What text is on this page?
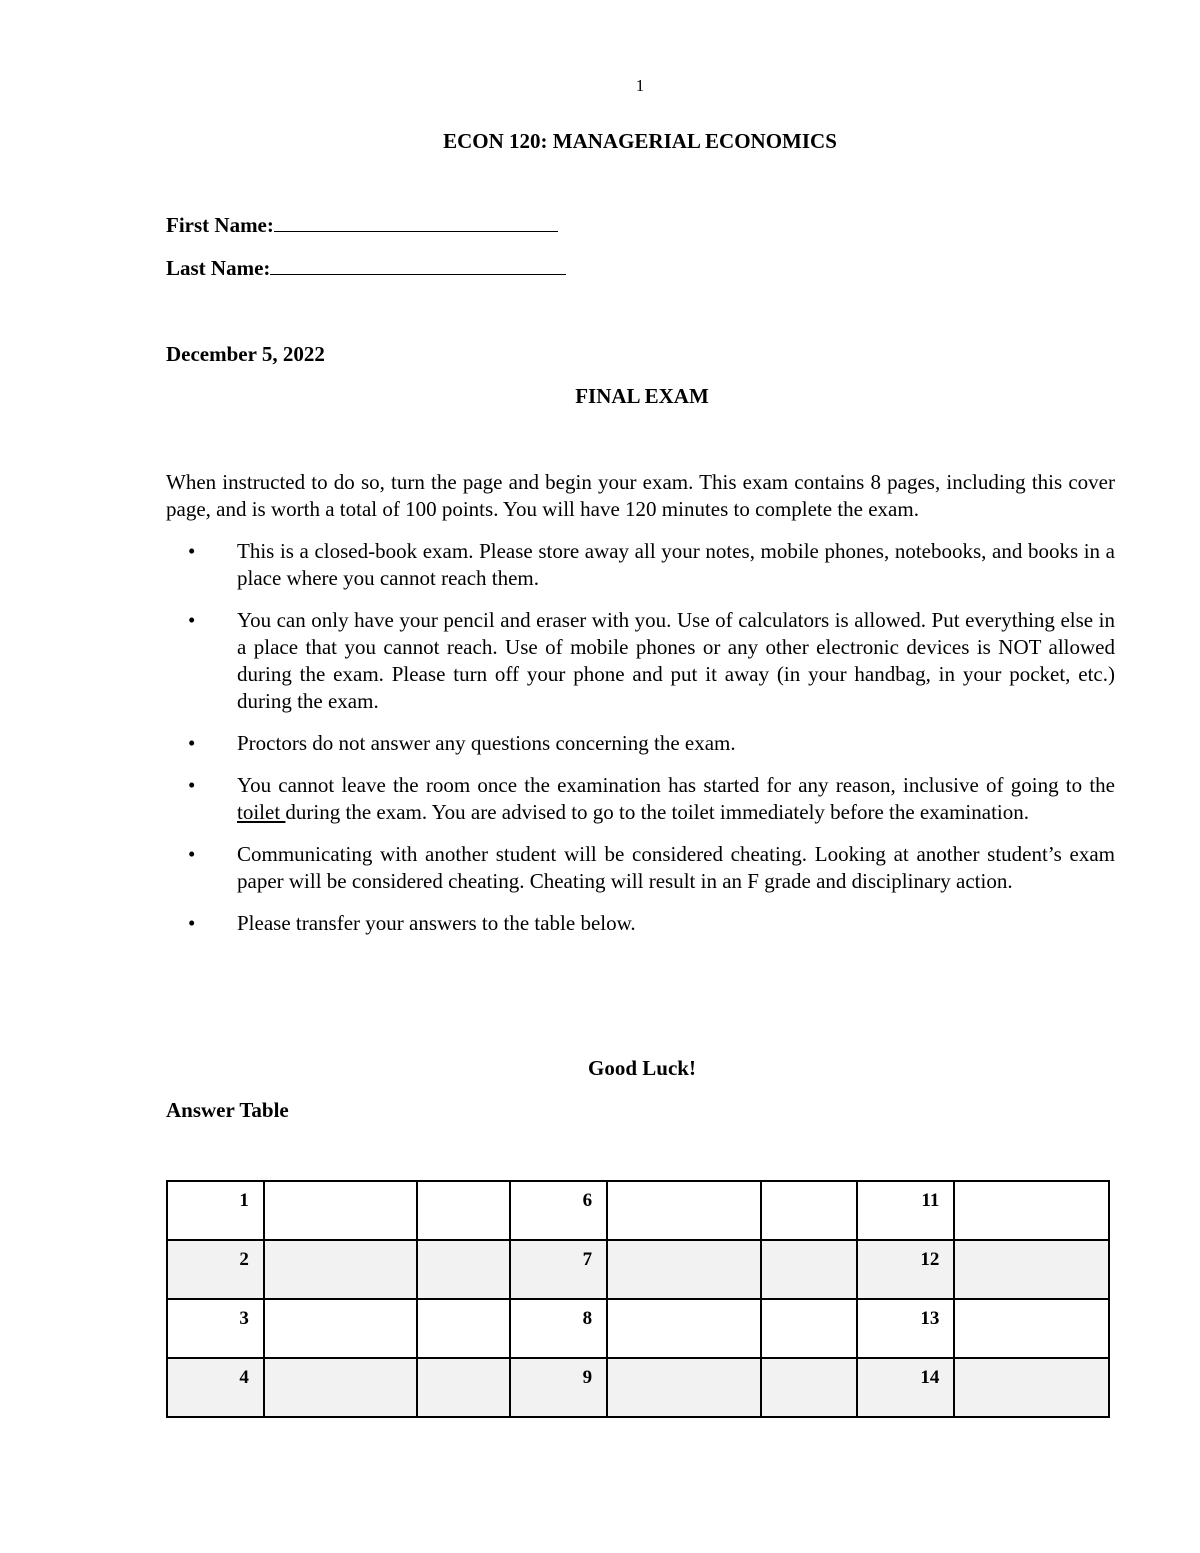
1
ECON 120: MANAGERIAL ECONOMICS
First Name:
Last Name:
December 5, 2022
FINAL EXAM
When instructed to do so, turn the page and begin your exam. This exam contains 8 pages, including this cover page, and is worth a total of 100 points. You will have 120 minutes to complete the exam.
• This is a closed-book exam. Please store away all your notes, mobile phones, notebooks, and books in a place where you cannot reach them.
• You can only have your pencil and eraser with you. Use of calculators is allowed. Put everything else in a place that you cannot reach. Use of mobile phones or any other electronic devices is NOT allowed during the exam. Please turn off your phone and put it away (in your handbag, in your pocket, etc.) during the exam.
• Proctors do not answer any questions concerning the exam.
• You cannot leave the room once the examination has started for any reason, inclusive of going to the toilet during the exam. You are advised to go to the toilet immediately before the examination.
• Communicating with another student will be considered cheating. Looking at another student’s exam paper will be considered cheating. Cheating will result in an F grade and disciplinary action.
• Please transfer your answers to the table below.
Good Luck!
Answer Table
1			6			11	
2			7			12	
3			8			13	
4			9			14	
